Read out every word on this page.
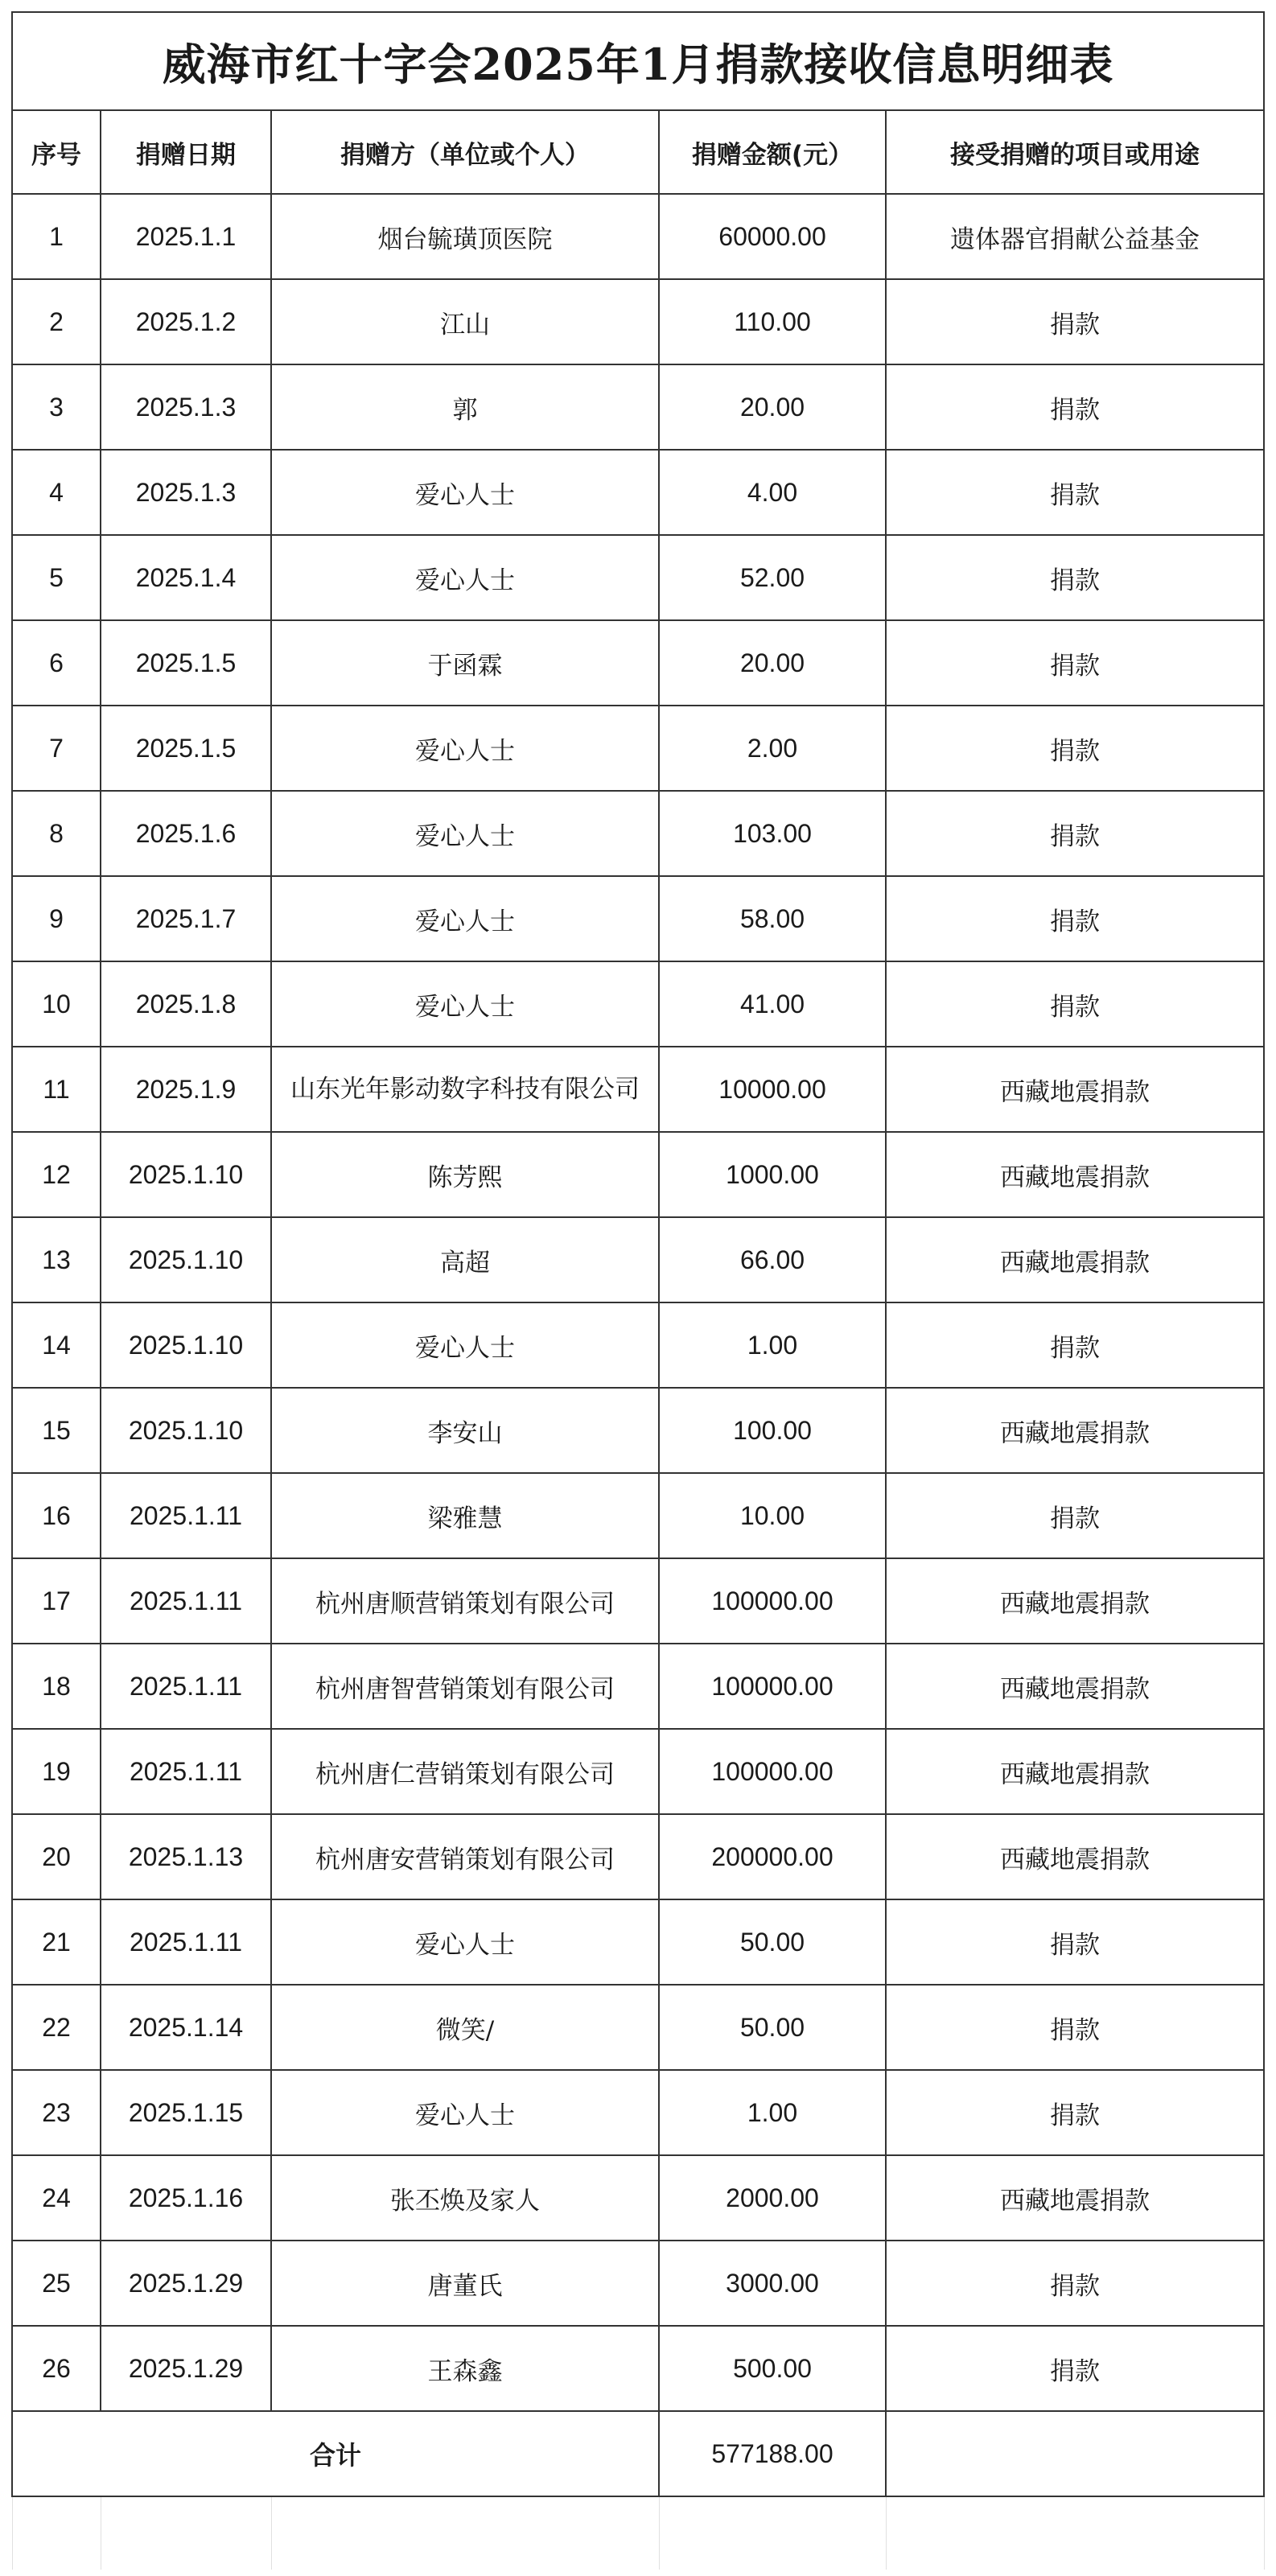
威海市红十字会2025年1月捐款接收信息明细表				
序号	捐赠日期	捐赠方（单位或个人）	捐赠金额(元）	接受捐赠的项目或用途
1	2025.1.1	烟台毓璜顶医院	60000.00	遗体器官捐献公益基金
2	2025.1.2	江山	110.00	捐款
3	2025.1.3	郭	20.00	捐款
4	2025.1.3	爱心人士	4.00	捐款
5	2025.1.4	爱心人士	52.00	捐款
6	2025.1.5	于函霖	20.00	捐款
7	2025.1.5	爱心人士	2.00	捐款
8	2025.1.6	爱心人士	103.00	捐款
9	2025.1.7	爱心人士	58.00	捐款
10	2025.1.8	爱心人士	41.00	捐款
11	2025.1.9	山东光年影动数字科技有限公司	10000.00	西藏地震捐款
12	2025.1.10	陈芳熙	1000.00	西藏地震捐款
13	2025.1.10	高超	66.00	西藏地震捐款
14	2025.1.10	爱心人士	1.00	捐款
15	2025.1.10	李安山	100.00	西藏地震捐款
16	2025.1.11	梁雅慧	10.00	捐款
17	2025.1.11	杭州唐顺营销策划有限公司	100000.00	西藏地震捐款
18	2025.1.11	杭州唐智营销策划有限公司	100000.00	西藏地震捐款
19	2025.1.11	杭州唐仁营销策划有限公司	100000.00	西藏地震捐款
20	2025.1.13	杭州唐安营销策划有限公司	200000.00	西藏地震捐款
21	2025.1.11	爱心人士	50.00	捐款
22	2025.1.14	微笑/	50.00	捐款
23	2025.1.15	爱心人士	1.00	捐款
24	2025.1.16	张丕焕及家人	2000.00	西藏地震捐款
25	2025.1.29	唐董氏	3000.00	捐款
26	2025.1.29	王森鑫	500.00	捐款
合计			577188.00	
